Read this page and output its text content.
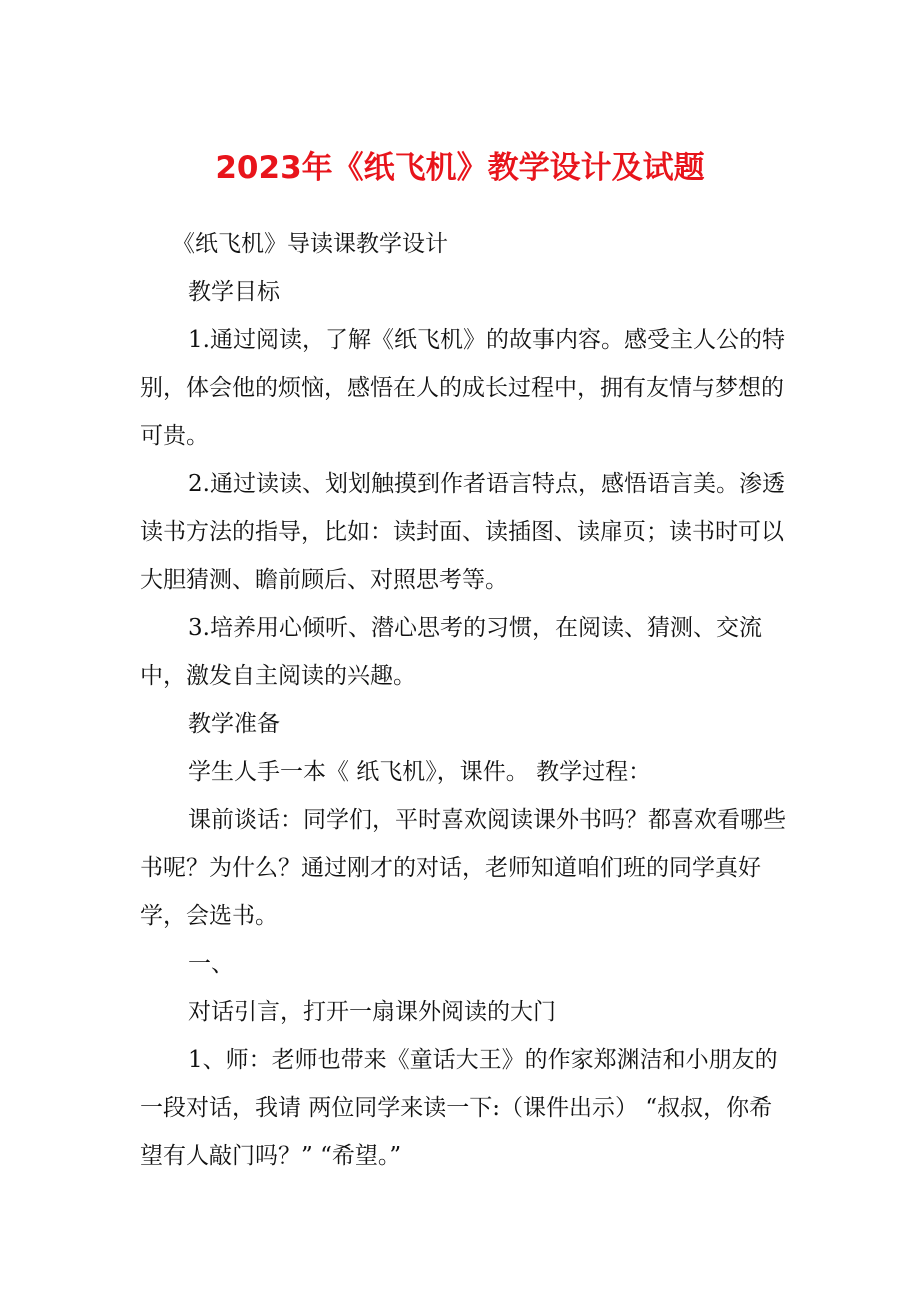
2023年《纸飞机》教学设计及试题

《纸飞机》导读课教学设计

教学目标

1.通过阅读，了解《纸飞机》的故事内容。感受主人公的特别，体会他的烦恼，感悟在人的成长过程中，拥有友情与梦想的可贵。

2.通过读读、划划触摸到作者语言特点，感悟语言美。渗透读书方法的指导，比如：读封面、读插图、读扉页；读书时可以大胆猜测、瞻前顾后、对照思考等。

3.培养用心倾听、潜心思考的习惯，在阅读、猜测、交流中，激发自主阅读的兴趣。

教学准备

学生人手一本《 纸飞机》，课件。 教学过程：

课前谈话：同学们，平时喜欢阅读课外书吗？都喜欢看哪些书呢？为什么？通过刚才的对话，老师知道咱们班的同学真好学，会选书。

一、

对话引言，打开一扇课外阅读的大门

1、师：老师也带来《童话大王》的作家郑渊洁和小朋友的一段对话，我请 两位同学来读一下:（课件出示） “叔叔，你希望有人敲门吗？” “希望。”
